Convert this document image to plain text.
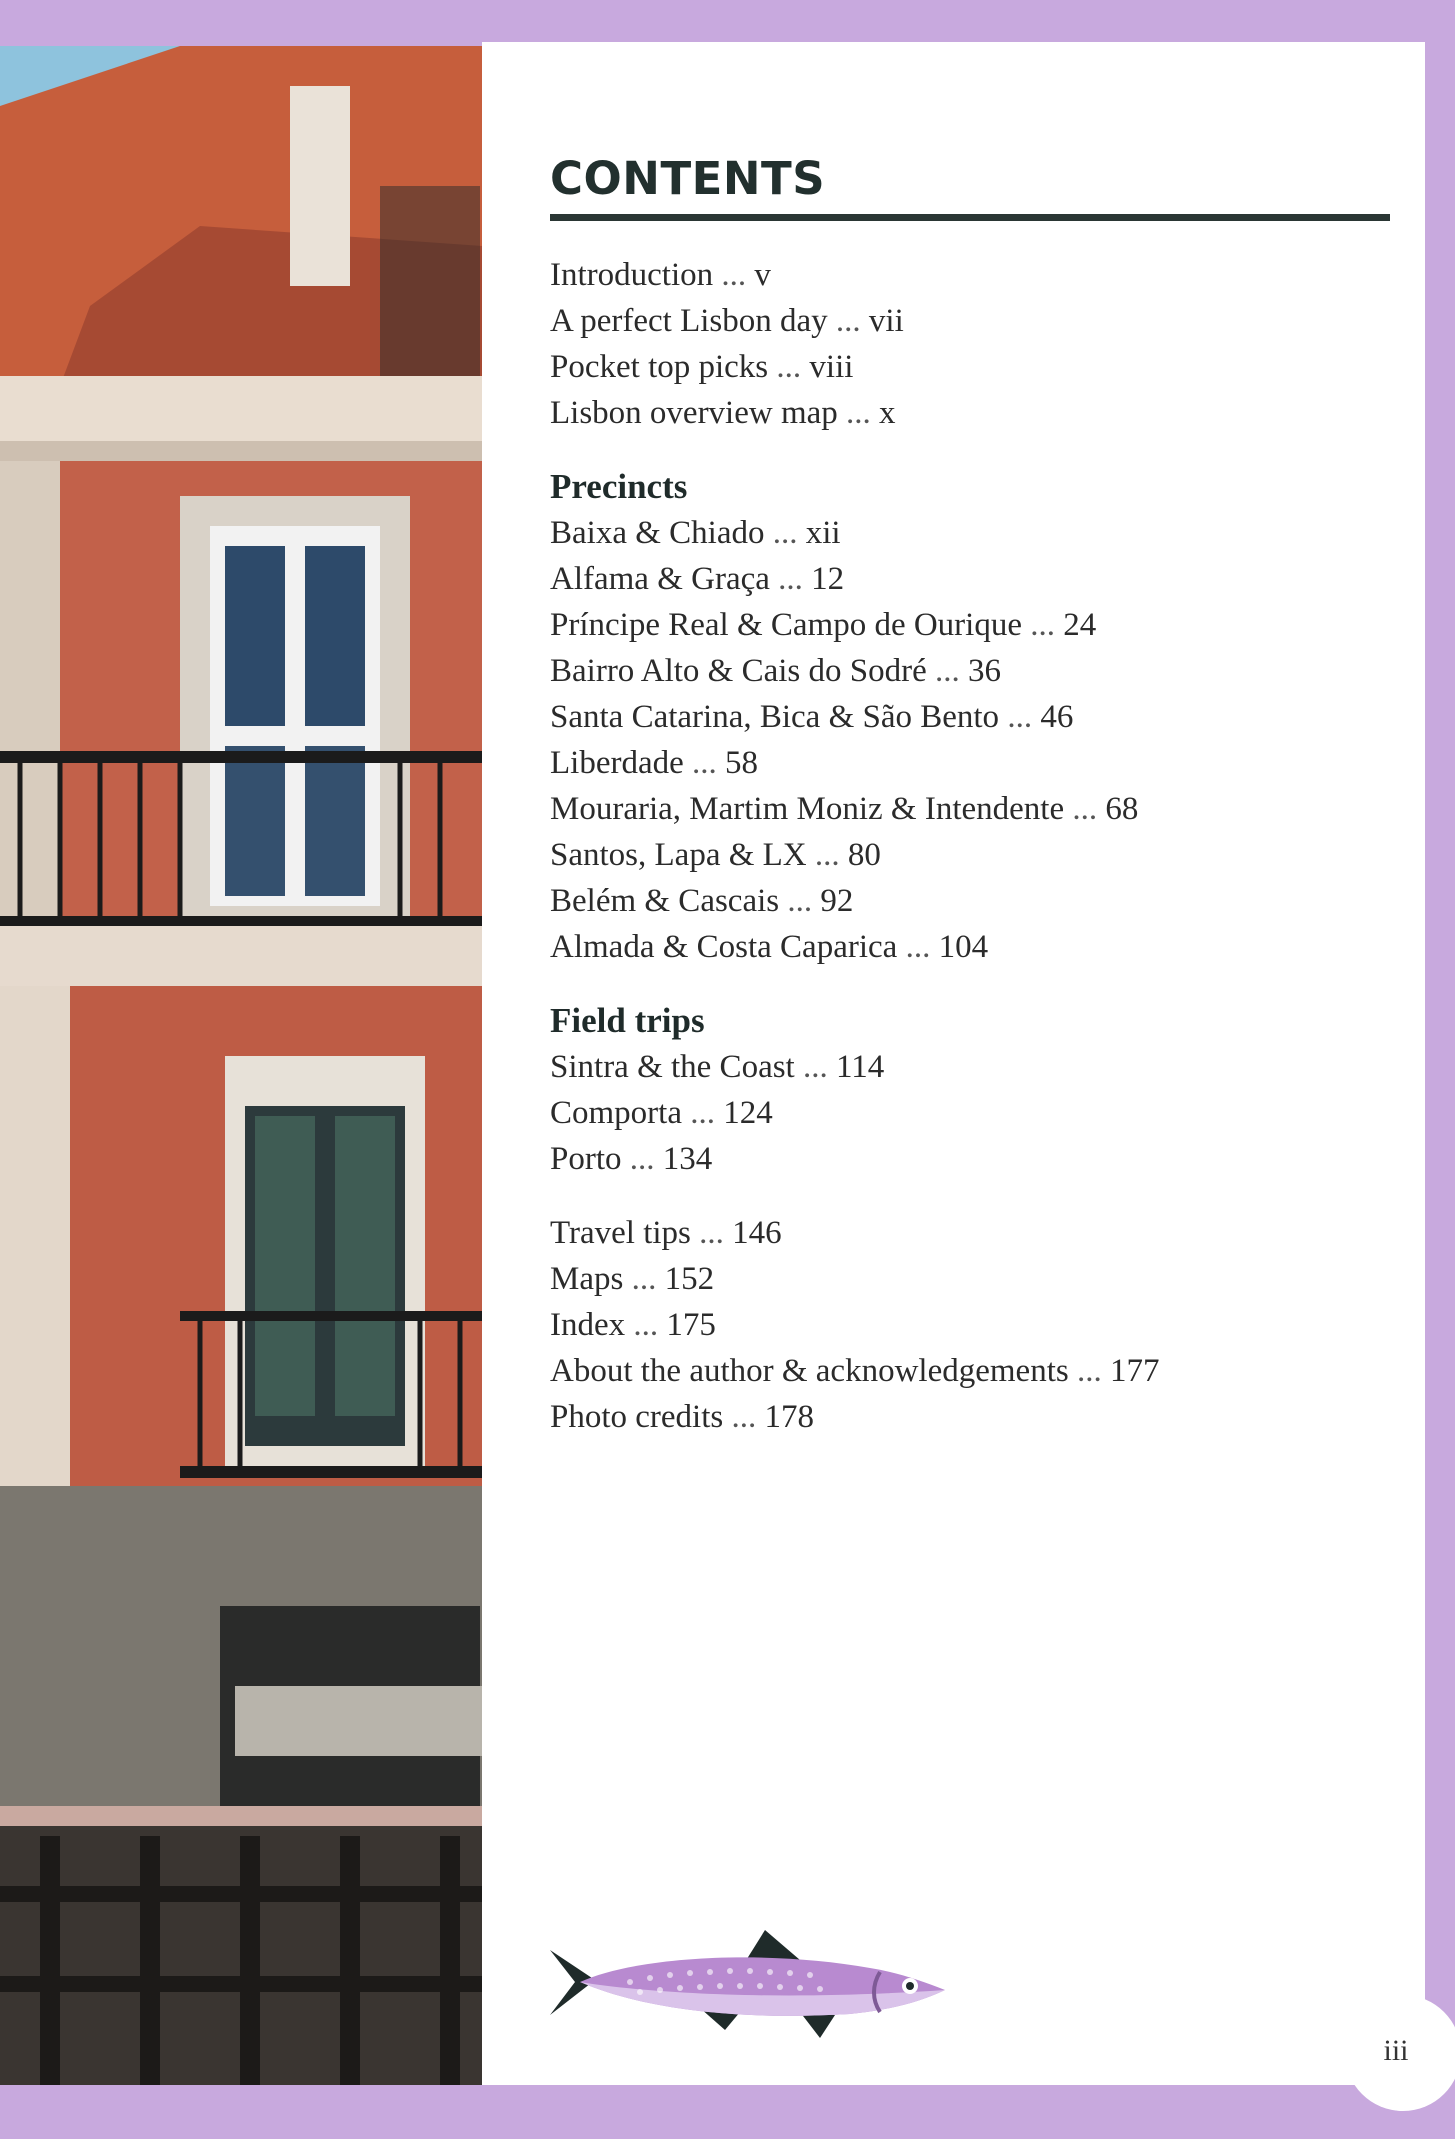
CONTENTS
Introduction ... v
A perfect Lisbon day ... vii
Pocket top picks ... viii
Lisbon overview map ... x
Precincts
Baixa & Chiado ... xii
Alfama & Graça ... 12
Príncipe Real & Campo de Ourique ... 24
Bairro Alto & Cais do Sodré ... 36
Santa Catarina, Bica & São Bento ... 46
Liberdade ... 58
Mouraria, Martim Moniz & Intendente ... 68
Santos, Lapa & LX ... 80
Belém & Cascais ... 92
Almada & Costa Caparica ... 104
Field trips
Sintra & the Coast ... 114
Comporta ... 124
Porto ... 134
Travel tips ... 146
Maps ... 152
Index ... 175
About the author & acknowledgements ... 177
Photo credits ... 178
iii
